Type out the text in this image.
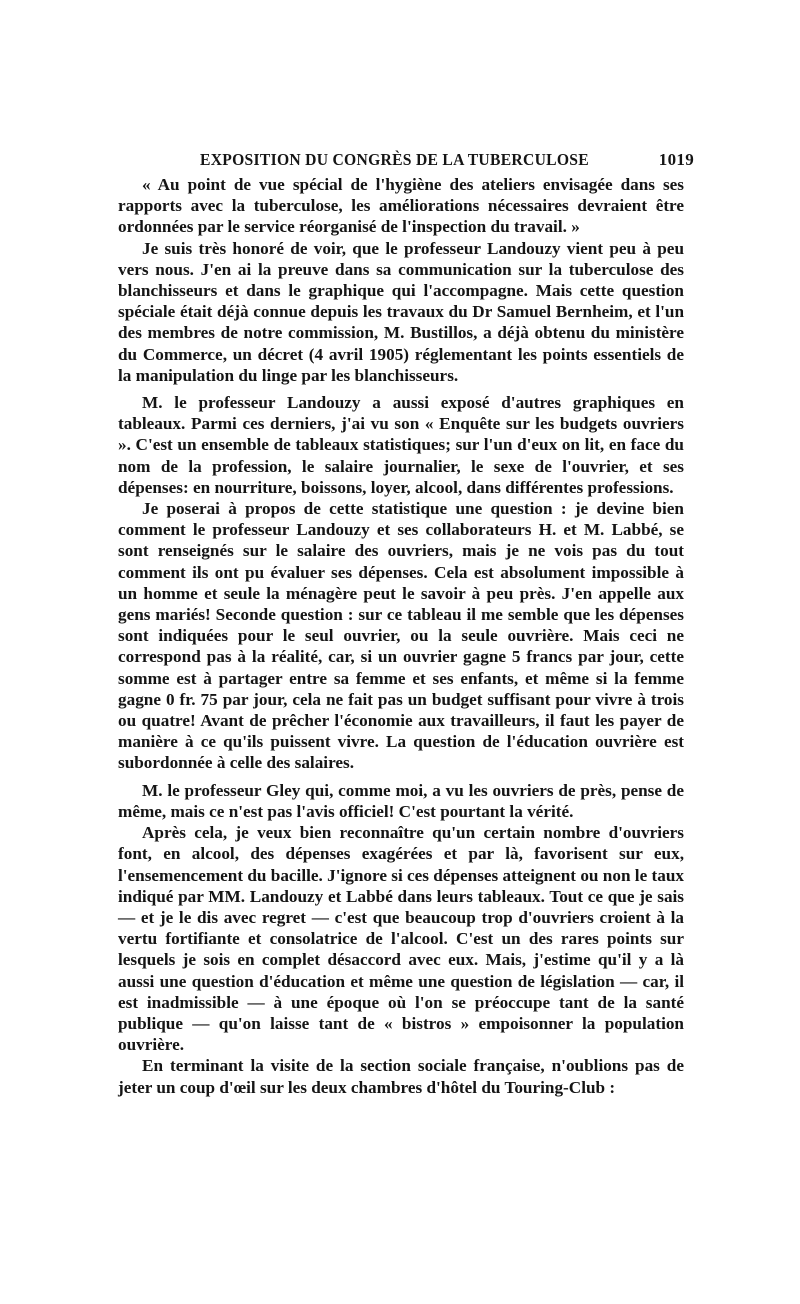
EXPOSITION DU CONGRÈS DE LA TUBERCULOSE	1019

« Au point de vue spécial de l'hygiène des ateliers envisagée dans ses rapports avec la tuberculose, les améliorations nécessaires devraient être ordonnées par le service réorganisé de l'inspection du travail. »

Je suis très honoré de voir, que le professeur Landouzy vient peu à peu vers nous. J'en ai la preuve dans sa communication sur la tuberculose des blanchisseurs et dans le graphique qui l'accompagne. Mais cette question spéciale était déjà connue depuis les travaux du Dr Samuel Bernheim, et l'un des membres de notre commission, M. Bustillos, a déjà obtenu du ministère du Commerce, un décret (4 avril 1905) réglementant les points essentiels de la manipulation du linge par les blanchisseurs.

M. le professeur Landouzy a aussi exposé d'autres graphiques en tableaux. Parmi ces derniers, j'ai vu son « Enquête sur les budgets ouvriers ». C'est un ensemble de tableaux statistiques; sur l'un d'eux on lit, en face du nom de la profession, le salaire journalier, le sexe de l'ouvrier, et ses dépenses: en nourriture, boissons, loyer, alcool, dans différentes professions.

Je poserai à propos de cette statistique une question : je devine bien comment le professeur Landouzy et ses collaborateurs H. et M. Labbé, se sont renseignés sur le salaire des ouvriers, mais je ne vois pas du tout comment ils ont pu évaluer ses dépenses. Cela est absolument impossible à un homme et seule la ménagère peut le savoir à peu près. J'en appelle aux gens mariés! Seconde question : sur ce tableau il me semble que les dépenses sont indiquées pour le seul ouvrier, ou la seule ouvrière. Mais ceci ne correspond pas à la réalité, car, si un ouvrier gagne 5 francs par jour, cette somme est à partager entre sa femme et ses enfants, et même si la femme gagne 0 fr. 75 par jour, cela ne fait pas un budget suffisant pour vivre à trois ou quatre! Avant de prêcher l'économie aux travailleurs, il faut les payer de manière à ce qu'ils puissent vivre. La question de l'éducation ouvrière est subordonnée à celle des salaires.

M. le professeur Gley qui, comme moi, a vu les ouvriers de près, pense de même, mais ce n'est pas l'avis officiel! C'est pourtant la vérité.

Après cela, je veux bien reconnaître qu'un certain nombre d'ouvriers font, en alcool, des dépenses exagérées et par là, favorisent sur eux, l'ensemencement du bacille. J'ignore si ces dépenses atteignent ou non le taux indiqué par MM. Landouzy et Labbé dans leurs tableaux. Tout ce que je sais — et je le dis avec regret — c'est que beaucoup trop d'ouvriers croient à la vertu fortifiante et consolatrice de l'alcool. C'est un des rares points sur lesquels je sois en complet désaccord avec eux. Mais, j'estime qu'il y a là aussi une question d'éducation et même une question de législation — car, il est inadmissible — à une époque où l'on se préoccupe tant de la santé publique — qu'on laisse tant de « bistros » empoisonner la population ouvrière.

En terminant la visite de la section sociale française, n'oublions pas de jeter un coup d'œil sur les deux chambres d'hôtel du Touring-Club :
